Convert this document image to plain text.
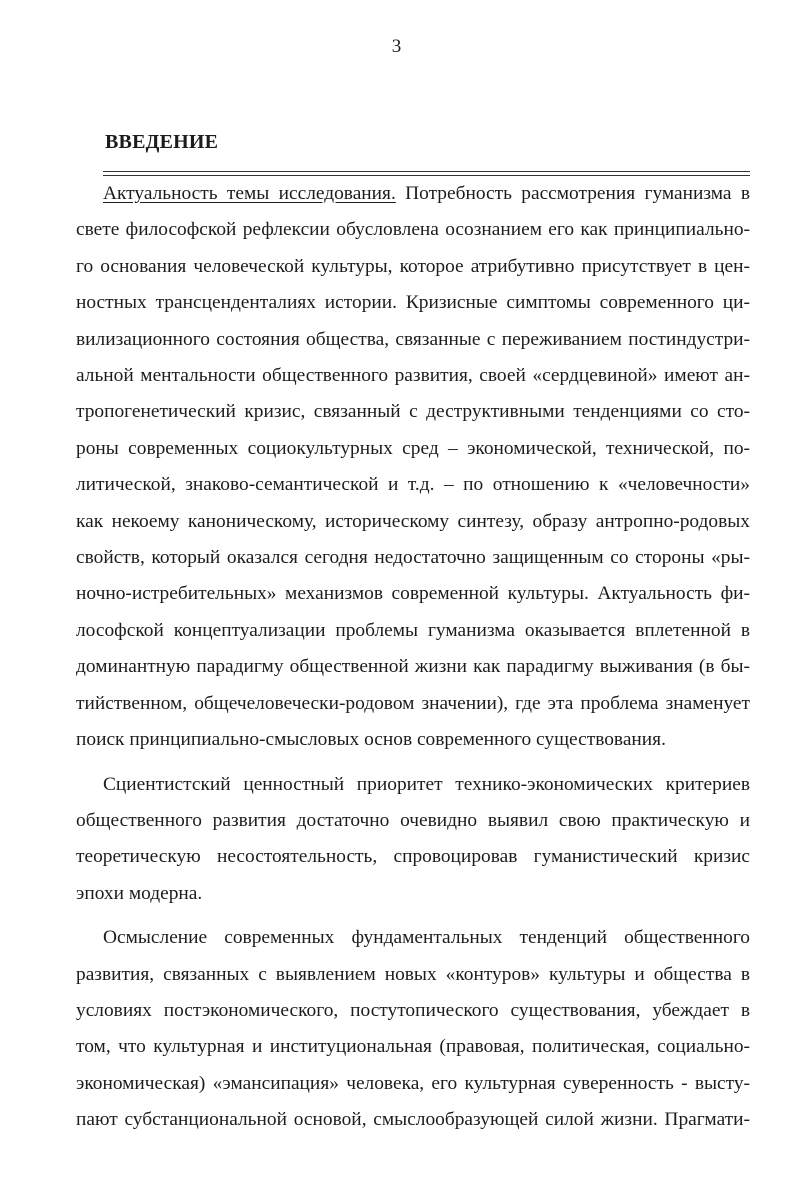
3
ВВЕДЕНИЕ
Актуальность темы исследования. Потребность рассмотрения гуманизма в
свете философской рефлексии обусловлена осознанием его как принципиально-
го основания человеческой культуры, которое атрибутивно присутствует в цен-
ностных трансценденталиях истории. Кризисные симптомы современного ци-
вилизационного состояния общества, связанные с переживанием постиндустри-
альной ментальности общественного развития, своей «сердцевиной» имеют ан-
тропогенетический кризис, связанный с деструктивными тенденциями со сто-
роны современных социокультурных сред – экономической, технической, по-
литической, знаково-семантической и т.д. – по отношению к «человечности»
как некоему каноническому, историческому синтезу, образу антропно-родовых
свойств, который оказался сегодня недостаточно защищенным со стороны «ры-
ночно-истребительных» механизмов современной культуры. Актуальность фи-
лософской концептуализации проблемы гуманизма оказывается вплетенной в
доминантную парадигму общественной жизни как парадигму выживания (в бы-
тийственном, общечеловечески-родовом значении), где эта проблема знаменует
поиск принципиально-смысловых основ современного существования.
Сциентистский ценностный приоритет технико-экономических критериев
общественного развития достаточно очевидно выявил свою практическую и
теоретическую несостоятельность, спровоцировав гуманистический кризис
эпохи модерна.
Осмысление современных фундаментальных тенденций общественного
развития, связанных с выявлением новых «контуров» культуры и общества в
условиях постэкономического, постутопического существования, убеждает в
том, что культурная и институциональная (правовая, политическая, социально-
экономическая) «эмансипация» человека, его культурная суверенность - высту-
пают субстанциональной основой, смыслообразующей силой жизни. Прагмати-
